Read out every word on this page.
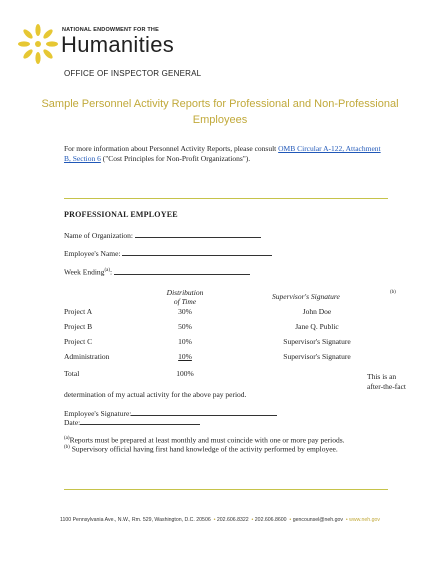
NATIONAL ENDOWMENT FOR THE
Humanities
OFFICE OF INSPECTOR GENERAL
Sample Personnel Activity Reports for Professional and Non-Professional
Employees
For more information about Personnel Activity Reports, please consult OMB Circular A-122, Attachment
B, Section 6 ("Cost Principles for Non-Profit Organizations").
PROFESSIONAL EMPLOYEE
Name of Organization:
Employee's Name:
Week Ending$^{(a)}$:
Distribution
of Time
Supervisor's Signature	(b)
Project A	30%	John Doe
Project B	50%	Jane Q. Public
Project C	10%	Supervisor's Signature
Administration	10%	Supervisor's Signature
Total	100%	This is an
after-the-fact
determination of my actual activity for the above pay period.
Employee's Signature:
Date:
$^{(a)}$Reports must be prepared at least monthly and must coincide with one or more pay periods.
$^{(b)}$ Supervisory official having first hand knowledge of the activity performed by employee.
1100 Pennsylvania Ave., N.W., Rm. 529, Washington, D.C. 20506 • 202.606.8322 • 202.606.8600 • gencounsel@neh.gov • www.neh.gov
